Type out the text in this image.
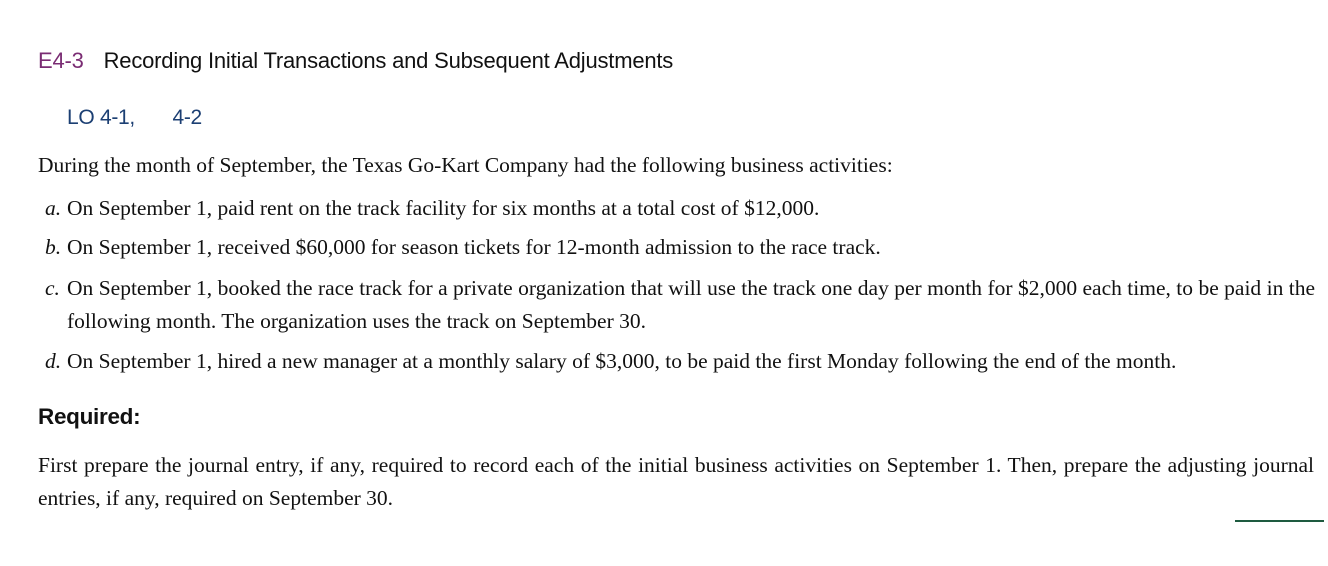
E4-3 Recording Initial Transactions and Subsequent Adjustments
LO 4-1, 4-2
During the month of September, the Texas Go-Kart Company had the following business activities:
a. On September 1, paid rent on the track facility for six months at a total cost of $12,000.
b. On September 1, received $60,000 for season tickets for 12-month admission to the race track.
c. On September 1, booked the race track for a private organization that will use the track one day per month for $2,000 each time, to be paid in the following month. The organization uses the track on September 30.
d. On September 1, hired a new manager at a monthly salary of $3,000, to be paid the first Monday following the end of the month.
Required:
First prepare the journal entry, if any, required to record each of the initial business activities on September 1. Then, prepare the adjusting journal entries, if any, required on September 30.
